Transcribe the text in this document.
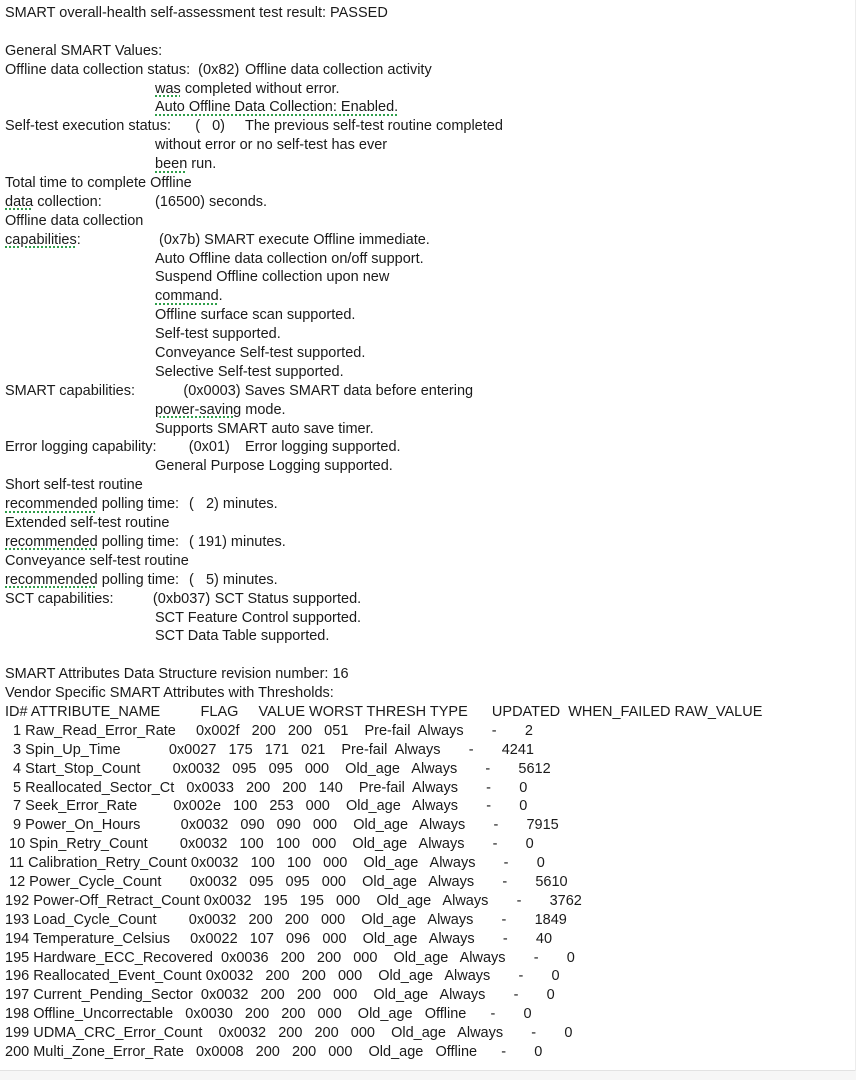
SMART overall-health self-assessment test result: PASSED
General SMART Values:
Offline data collection status:  (0x82) Offline data collection activity
was completed without error.
Auto Offline Data Collection: Enabled.
Self-test execution status:      (   0) The previous self-test routine completed
without error or no self-test has ever
been run.
Total time to complete Offline
data collection:	(16500) seconds.
Offline data collection
capabilities:	(0x7b) SMART execute Offline immediate.
Auto Offline data collection on/off support.
Suspend Offline collection upon new
command.
Offline surface scan supported.
Self-test supported.
Conveyance Self-test supported.
Selective Self-test supported.
SMART capabilities:            (0x0003) Saves SMART data before entering
power-saving mode.
Supports SMART auto save timer.
Error logging capability:        (0x01) Error logging supported.
General Purpose Logging supported.
Short self-test routine
recommended polling time:  (   2) minutes.
Extended self-test routine
recommended polling time:  ( 191) minutes.
Conveyance self-test routine
recommended polling time:  (   5) minutes.
SCT capabilities:        (0xb037) SCT Status supported.
SCT Feature Control supported.
SCT Data Table supported.
SMART Attributes Data Structure revision number: 16
Vendor Specific SMART Attributes with Thresholds:
ID# ATTRIBUTE_NAME          FLAG     VALUE WORST THRESH TYPE      UPDATED  WHEN_FAILED RAW_VALUE
1 Raw_Read_Error_Rate     0x002f   200   200   051    Pre-fail  Always       -       2
3 Spin_Up_Time            0x0027   175   171   021    Pre-fail  Always       -       4241
4 Start_Stop_Count        0x0032   095   095   000    Old_age   Always       -       5612
5 Reallocated_Sector_Ct   0x0033   200   200   140    Pre-fail  Always       -       0
7 Seek_Error_Rate         0x002e   100   253   000    Old_age   Always       -       0
9 Power_On_Hours          0x0032   090   090   000    Old_age   Always       -       7915
10 Spin_Retry_Count        0x0032   100   100   000    Old_age   Always       -       0
11 Calibration_Retry_Count 0x0032   100   100   000    Old_age   Always       -       0
12 Power_Cycle_Count       0x0032   095   095   000    Old_age   Always       -       5610
192 Power-Off_Retract_Count 0x0032   195   195   000    Old_age   Always       -       3762
193 Load_Cycle_Count        0x0032   200   200   000    Old_age   Always       -       1849
194 Temperature_Celsius     0x0022   107   096   000    Old_age   Always       -       40
195 Hardware_ECC_Recovered  0x0036   200   200   000    Old_age   Always       -       0
196 Reallocated_Event_Count 0x0032   200   200   000    Old_age   Always       -       0
197 Current_Pending_Sector  0x0032   200   200   000    Old_age   Always       -       0
198 Offline_Uncorrectable   0x0030   200   200   000    Old_age   Offline      -       0
199 UDMA_CRC_Error_Count    0x0032   200   200   000    Old_age   Always       -       0
200 Multi_Zone_Error_Rate   0x0008   200   200   000    Old_age   Offline      -       0
